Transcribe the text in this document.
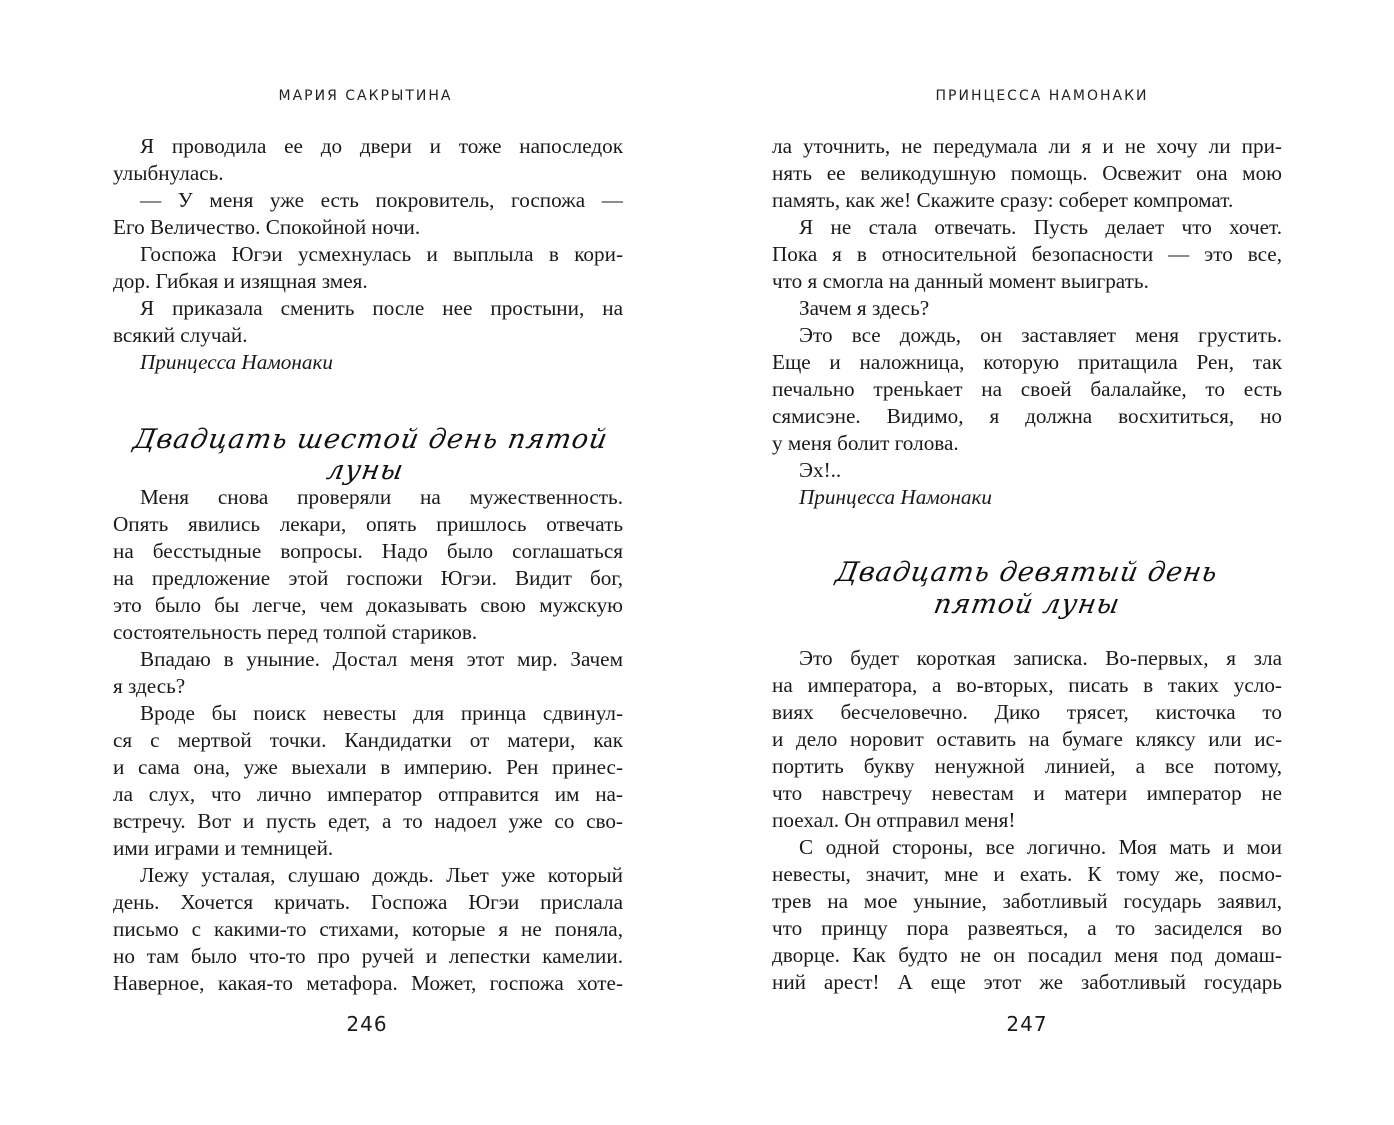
МАРИЯ САКРЫТИНА
Я проводила ее до двери и тоже напоследок
улыбнулась.
— У меня уже есть покровитель, госпожа —
Его Величество. Спокойной ночи.
Госпожа Югэи усмехнулась и выплыла в кори-
дор. Гибкая и изящная змея.
Я приказала сменить после нее простыни, на
всякий случай.
Принцесса Намонаки
Двадцать шестой день пятой луны
Меня снова проверяли на мужественность.
Опять явились лекари, опять пришлось отвечать
на бесстыдные вопросы. Надо было соглашаться
на предложение этой госпожи Югэи. Видит бог,
это было бы легче, чем доказывать свою мужскую
состоятельность перед толпой стариков.
Впадаю в уныние. Достал меня этот мир. Зачем
я здесь?
Вроде бы поиск невесты для принца сдвинул-
ся с мертвой точки. Кандидатки от матери, как
и сама она, уже выехали в империю. Рен принес-
ла слух, что лично император отправится им на-
встречу. Вот и пусть едет, а то надоел уже со сво-
ими играми и темницей.
Лежу усталая, слушаю дождь. Льет уже который
день. Хочется кричать. Госпожа Югэи прислала
письмо с какими-то стихами, которые я не поняла,
но там было что-то про ручей и лепестки камелии.
Наверное, какая-то метафора. Может, госпожа хоте-
246
ПРИНЦЕССА НАМОНАКИ
ла уточнить, не передумала ли я и не хочу ли при-
нять ее великодушную помощь. Освежит она мою
память, как же! Скажите сразу: соберет компромат.
Я не стала отвечать. Пусть делает что хочет.
Пока я в относительной безопасности — это все,
что я смогла на данный момент выиграть.
Зачем я здесь?
Это все дождь, он заставляет меня грустить.
Еще и наложница, которую притащила Рен, так
печально треньkaет на своей балалайке, то есть
сямисэне. Видимо, я должна восхититься, но
у меня болит голова.
Эх!..
Принцесса Намонаки
Двадцать девятый день
пятой луны
Это будет короткая записка. Во-первых, я зла
на императора, а во-вторых, писать в таких усло-
виях бесчеловечно. Дико трясет, кисточка то
и дело норовит оставить на бумаге кляксу или ис-
портить букву ненужной линией, а все потому,
что навстречу невестам и матери император не
поехал. Он отправил меня!
С одной стороны, все логично. Моя мать и мои
невесты, значит, мне и ехать. К тому же, посмо-
трев на мое уныние, заботливый государь заявил,
что принцу пора развеяться, а то засиделся во
дворце. Как будто не он посадил меня под домаш-
ний арест! А еще этот же заботливый государь
247
